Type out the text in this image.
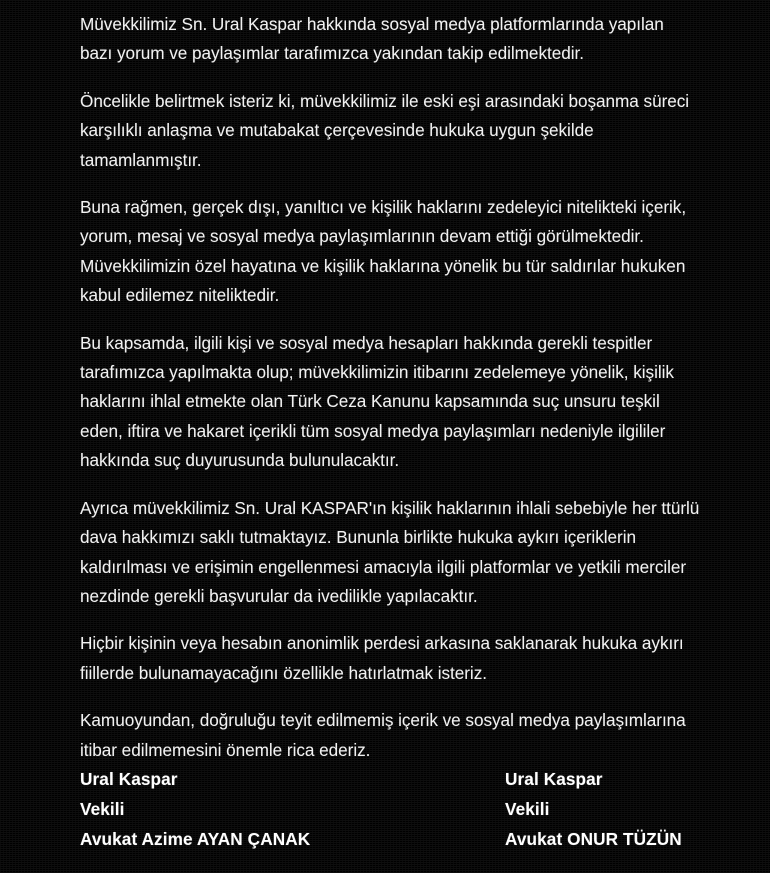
Müvekkilimiz Sn. Ural Kaspar hakkında sosyal medya platformlarında yapılan bazı yorum ve paylaşımlar tarafımızca yakından takip edilmektedir.

Öncelikle belirtmek isteriz ki, müvekkilimiz ile eski eşi arasındaki boşanma süreci karşılıklı anlaşma ve mutabakat çerçevesinde hukuka uygun şekilde tamamlanmıştır.

Buna rağmen, gerçek dışı, yanıltıcı ve kişilik haklarını zedeleyici nitelikteki içerik, yorum, mesaj ve sosyal medya paylaşımlarının devam ettiği görülmektedir. Müvekkilimizin özel hayatına ve kişilik haklarına yönelik bu tür saldırılar hukuken kabul edilemez niteliktedir.

Bu kapsamda, ilgili kişi ve sosyal medya hesapları hakkında gerekli tespitler tarafımızca yapılmakta olup; müvekkilimizin itibarını zedelemeye yönelik, kişilik haklarını ihlal etmekte olan Türk Ceza Kanunu kapsamında suç unsuru teşkil eden, iftira ve hakaret içerikli tüm sosyal medya paylaşımları nedeniyle ilgililer hakkında suç duyurusunda bulunulacaktır.

Ayrıca müvekkilimiz Sn. Ural KASPAR'ın kişilik haklarının ihlali sebebiyle her ttürlü dava hakkımızı saklı tutmaktayız. Bununla birlikte hukuka aykırı içeriklerin kaldırılması ve erişimin engellenmesi amacıyla ilgili platformlar ve yetkili merciler nezdinde gerekli başvurular da ivedilikle yapılacaktır.

Hiçbir kişinin veya hesabın anonimlik perdesi arkasına saklanarak hukuka aykırı fiillerde bulunamayacağını özellikle hatırlatmak isteriz.

Kamuoyundan, doğruluğu teyit edilmemiş içerik ve sosyal medya paylaşımlarına itibar edilmemesini önemle rica ederiz.

Ural Kaspar
Vekili
Avukat Azime AYAN ÇANAK
Ural Kaspar
Vekili
Avukat ONUR TÜZÜN
